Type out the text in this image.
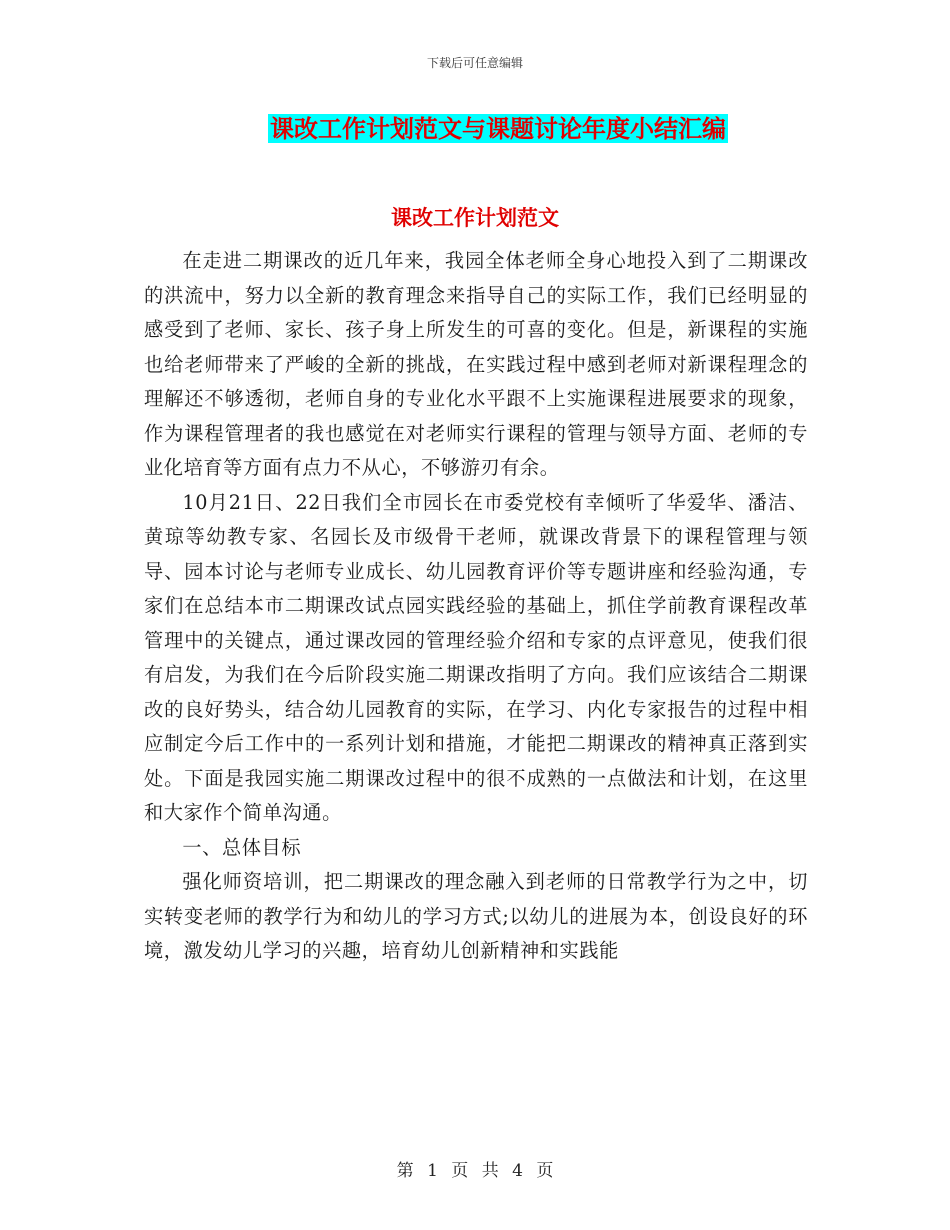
下载后可任意编辑
课改工作计划范文与课题讨论年度小结汇编
课改工作计划范文

在走进二期课改的近几年来，我园全体老师全身心地投入到了二期课改的洪流中，努力以全新的教育理念来指导自己的实际工作，我们已经明显的感受到了老师、家长、孩子身上所发生的可喜的变化。但是，新课程的实施也给老师带来了严峻的全新的挑战，在实践过程中感到老师对新课程理念的理解还不够透彻，老师自身的专业化水平跟不上实施课程进展要求的现象，作为课程管理者的我也感觉在对老师实行课程的管理与领导方面、老师的专业化培育等方面有点力不从心，不够游刃有余。

10月21日、22日我们全市园长在市委党校有幸倾听了华爱华、潘洁、黄琼等幼教专家、名园长及市级骨干老师，就课改背景下的课程管理与领导、园本讨论与老师专业成长、幼儿园教育评价等专题讲座和经验沟通，专家们在总结本市二期课改试点园实践经验的基础上，抓住学前教育课程改革管理中的关键点，通过课改园的管理经验介绍和专家的点评意见，使我们很有启发，为我们在今后阶段实施二期课改指明了方向。我们应该结合二期课改的良好势头，结合幼儿园教育的实际，在学习、内化专家报告的过程中相应制定今后工作中的一系列计划和措施，才能把二期课改的精神真正落到实处。下面是我园实施二期课改过程中的很不成熟的一点做法和计划，在这里和大家作个简单沟通。

一、总体目标

强化师资培训，把二期课改的理念融入到老师的日常教学行为之中，切实转变老师的教学行为和幼儿的学习方式;以幼儿的进展为本，创设良好的环境，激发幼儿学习的兴趣，培育幼儿创新精神和实践能

第 1 页 共 4 页
